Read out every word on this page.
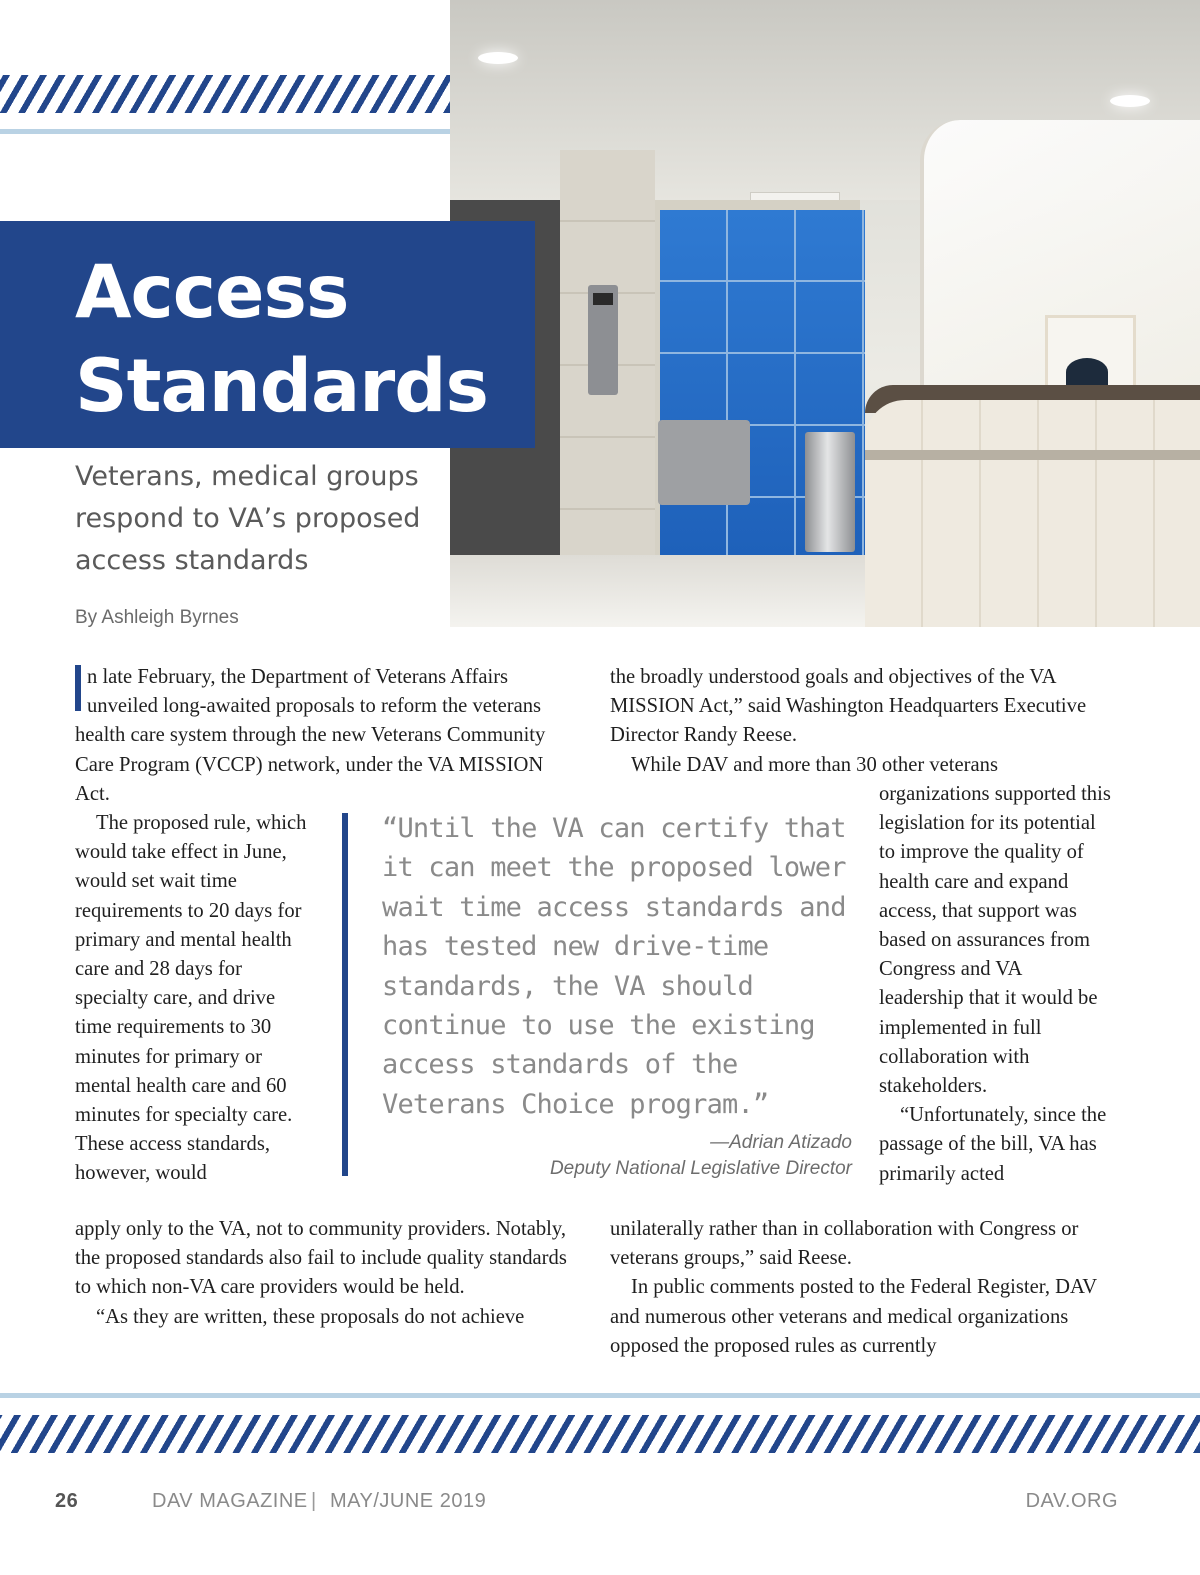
Access
Standards

Veterans, medical groups respond to VA’s proposed access standards

By Ashleigh Byrnes

n late February, the Department of Veterans Affairs unveiled long-awaited proposals to reform the veterans health care system through the new Veterans Community Care Program (VCCP) network, under the VA MISSION Act.

The proposed rule, which would take effect in June, would set wait time requirements to 20 days for primary and mental health care and 28 days for specialty care, and drive time requirements to 30 minutes for primary or mental health care and 60 minutes for specialty care. These access standards, however, would

apply only to the VA, not to community providers. Notably, the proposed standards also fail to include quality standards to which non-VA care providers would be held.

“As they are written, these proposals do not achieve

“Until the VA can certify that it can meet the proposed lower wait time access standards and has tested new drive-time standards, the VA should continue to use the existing access standards of the Veterans Choice program.”

—Adrian Atizado
Deputy National Legislative Director

the broadly understood goals and objectives of the VA MISSION Act,” said Washington Headquarters Executive Director Randy Reese.

While DAV and more than 30 other veterans

organizations supported this legislation for its potential to improve the quality of health care and expand access, that support was based on assurances from Congress and VA leadership that it would be implemented in full collaboration with stakeholders.

“Unfortunately, since the passage of the bill, VA has primarily acted

unilaterally rather than in collaboration with Congress or veterans groups,” said Reese.

In public comments posted to the Federal Register, DAV and numerous other veterans and medical organizations opposed the proposed rules as currently

26	DAV MAGAZINE | MAY/JUNE 2019	DAV.ORG
